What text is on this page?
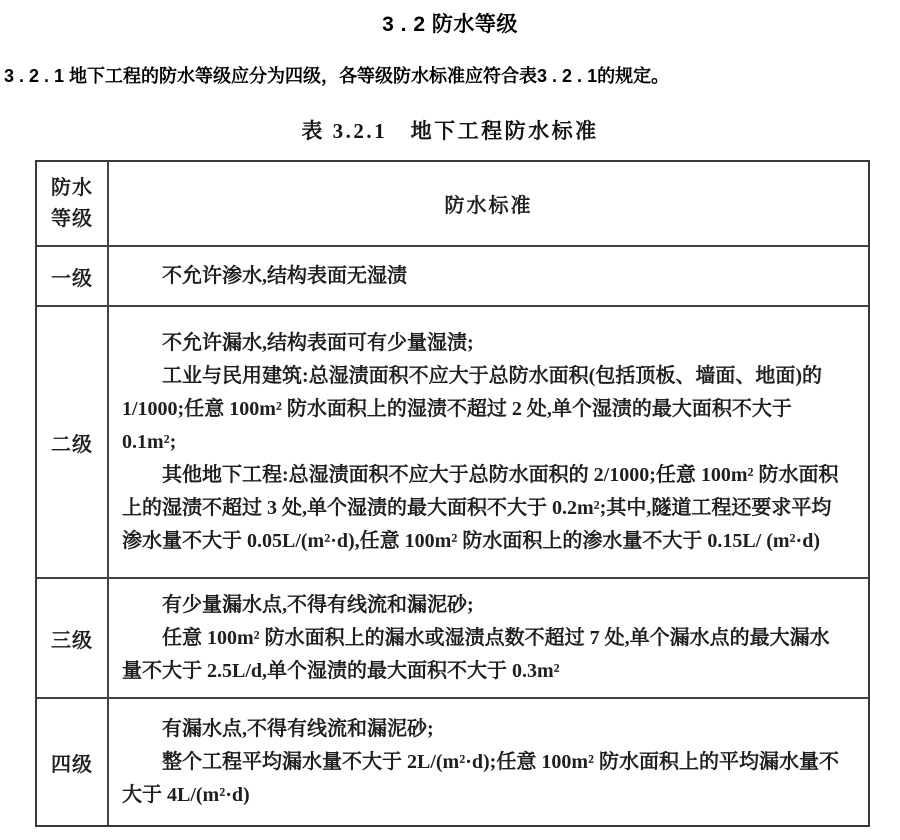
3 . 2 防水等级

3 . 2 . 1 地下工程的防水等级应分为四级，各等级防水标准应符合表3 . 2 . 1的规定。

表 3.2.1　地下工程防水标准
防水
等级
防水标准
一级	不允许渗水,结构表面无湿渍

二级

不允许漏水,结构表面可有少量湿渍;

工业与民用建筑:总湿渍面积不应大于总防水面积(包括顶板、墙面、地面)的 1/1000;任意 100m² 防水面积上的湿渍不超过 2 处,单个湿渍的最大面积不大于 0.1m²;

其他地下工程:总湿渍面积不应大于总防水面积的 2/1000;任意 100m² 防水面积上的湿渍不超过 3 处,单个湿渍的最大面积不大于 0.2m²;其中,隧道工程还要求平均渗水量不大于 0.05L/(m²·d),任意 100m² 防水面积上的渗水量不大于 0.15L/ (m²·d)

三级

有少量漏水点,不得有线流和漏泥砂;

任意 100m² 防水面积上的漏水或湿渍点数不超过 7 处,单个漏水点的最大漏水量不大于 2.5L/d,单个湿渍的最大面积不大于 0.3m²

四级

有漏水点,不得有线流和漏泥砂;

整个工程平均漏水量不大于 2L/(m²·d);任意 100m² 防水面积上的平均漏水量不大于 4L/(m²·d)
